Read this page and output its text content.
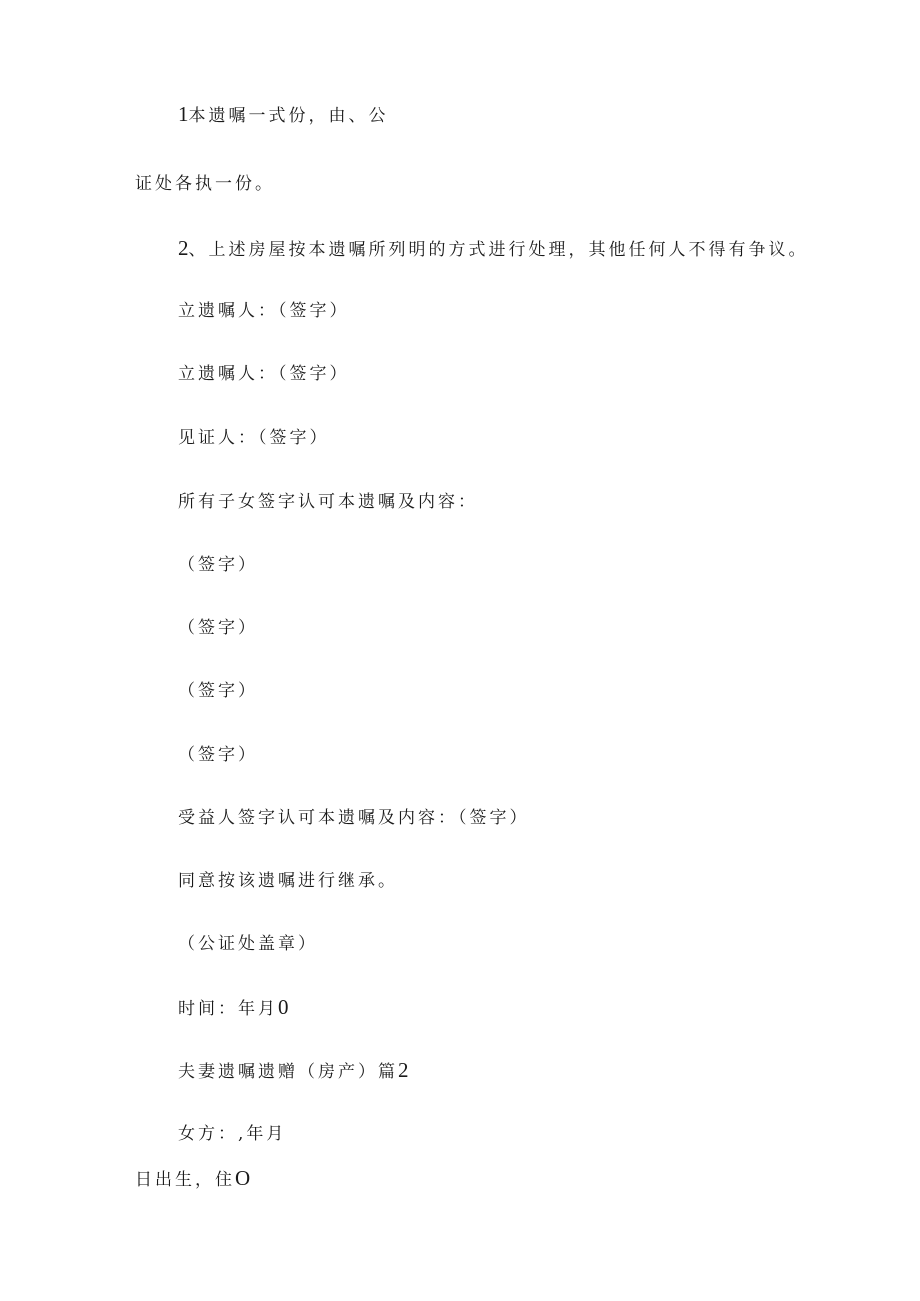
1本遗嘱一式份，由、公
证处各执一份。
2、上述房屋按本遗嘱所列明的方式进行处理，其他任何人不得有争议。
立遗嘱人：（签字）
立遗嘱人：（签字）
见证人：（签字）
所有子女签字认可本遗嘱及内容：
（签字）
（签字）
（签字）
（签字）
受益人签字认可本遗嘱及内容：（签字）
同意按该遗嘱进行继承。
（公证处盖章）
时间：年月0
夫妻遗嘱遗赠（房产）篇2
女方：,年月
日出生，住O
